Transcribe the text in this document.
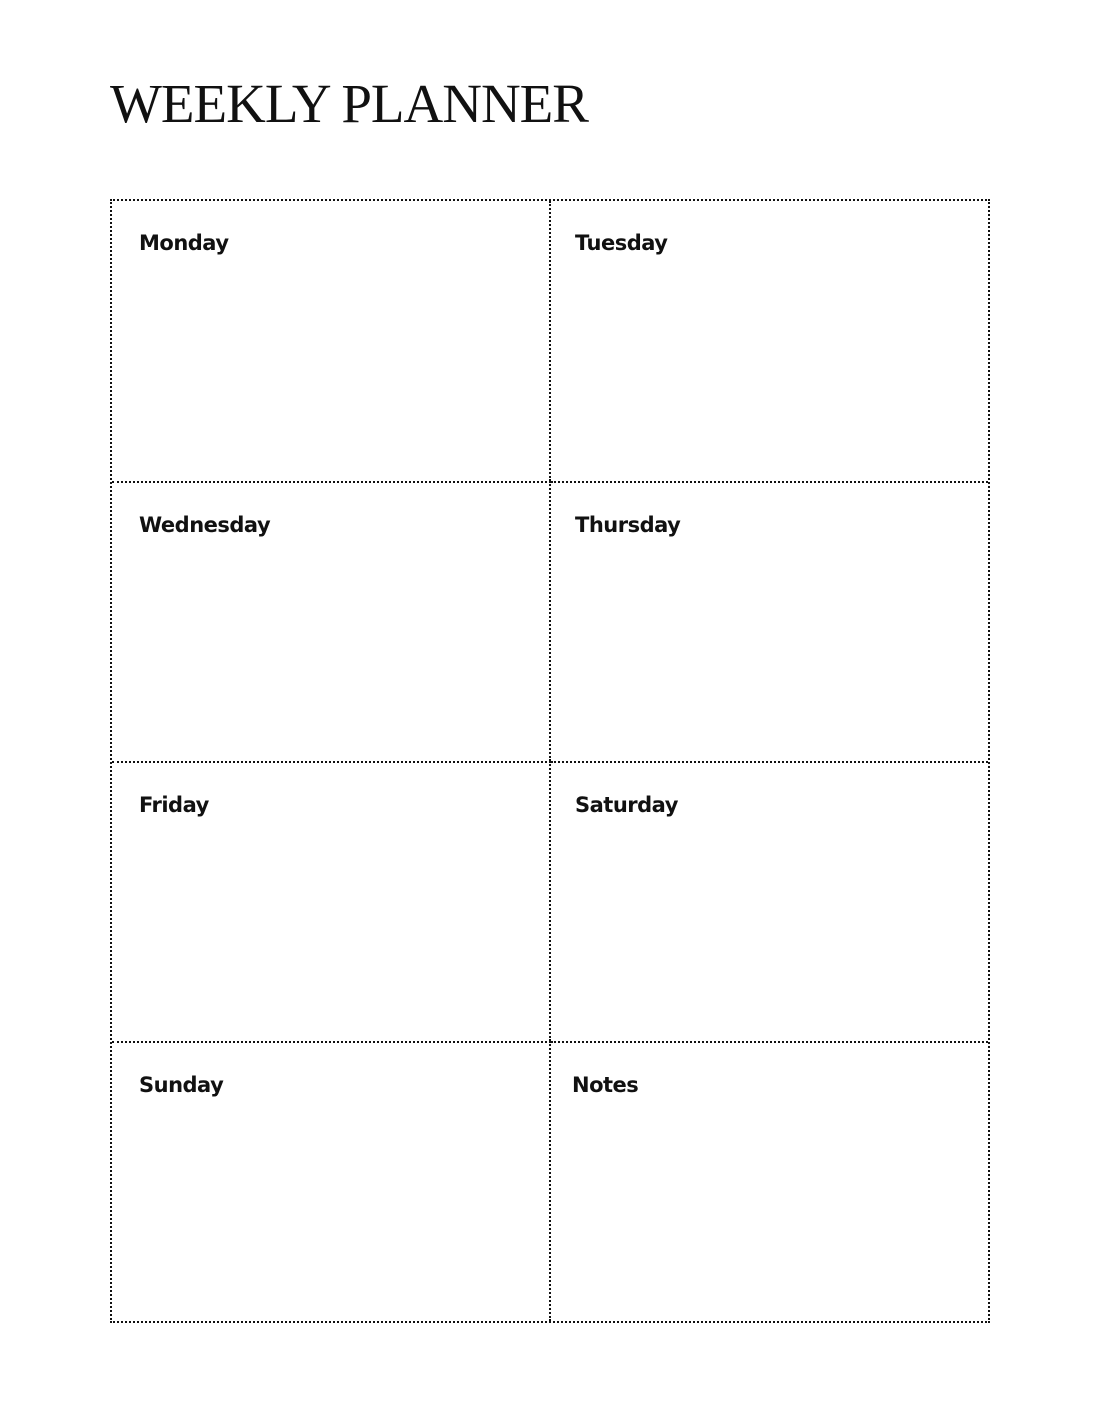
WEEKLY PLANNER
Monday	Tuesday
Wednesday	Thursday
Friday	Saturday
Sunday	Notes
